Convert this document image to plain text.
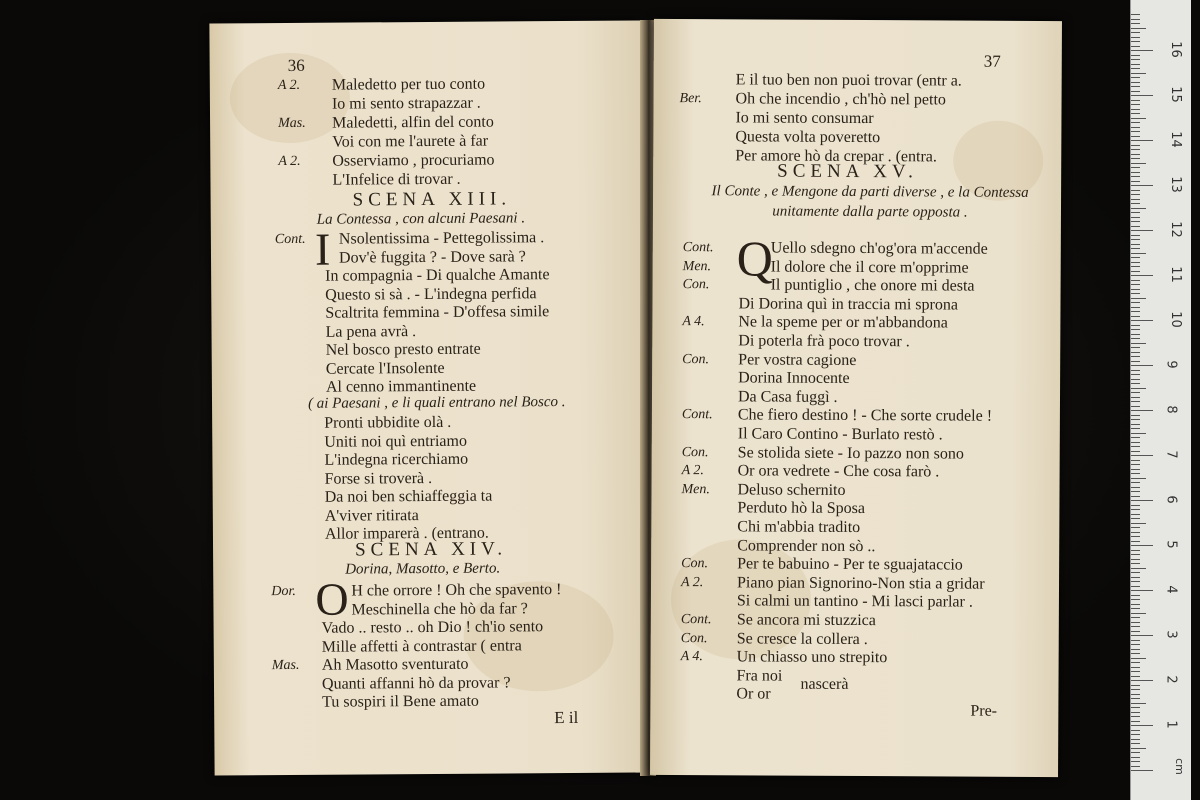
36
A 2. Maledetto per tuo conto
Io mi sento strapazzar .
Mas. Maledetti, alfin del conto
Voi con me l'aurete à far
A 2. Osserviamo , procuriamo
L'Infelice di trovar .
SCENA XIII.
La Contessa , con alcuni Paesani .
I
Cont. Nsolentissima - Pettegolissima .
Dov'è fuggita ? - Dove sarà ?
In compagnia - Di qualche Amante
Questo si sà . - L'indegna perfida
Scaltrita femmina - D'offesa simile
La pena avrà .
Nel bosco presto entrate
Cercate l'Insolente
Al cenno immantinente
( ai Paesani , e li quali entrano nel Bosco .
Pronti ubbidite olà .
Uniti noi quì entriamo
L'indegna ricerchiamo
Forse si troverà .
Da noi ben schiaffeggia ta
A'viver ritirata
Allor imparerà . (entrano.
SCENA XIV.
Dorina, Masotto, e Berto.
O
Dor.	H che orrore ! Oh che spavento !
Meschinella che hò da far ?
Vado .. resto .. oh Dio ! ch'io sento
Mille affetti à contrastar ( entra
Mas. Ah Masotto sventurato
Quanti affanni hò da provar ?
Tu sospiri il Bene amato
E il
37
E il tuo ben non puoi trovar (entr a.
Ber. Oh che incendio , ch'hò nel petto
Io mi sento consumar
Questa volta poveretto
Per amore hò da crepar . (entra.
SCENA XV.
Il Conte , e Mengone da parti diverse , e la Contessa unitamente dalla parte opposta .
Q
Cont.	Uello sdegno ch'og'ora m'accende
Men.	Il dolore che il core m'opprime
Con.	Il puntiglio , che onore mi desta
Di Dorina quì in traccia mi sprona
A 4. Ne la speme per or m'abbandona
Di poterla frà poco trovar .
Con. Per vostra cagione
Dorina Innocente
Da Casa fuggì .
Cont. Che fiero destino ! - Che sorte crudele !
Il Caro Contino - Burlato restò .
Con. Se stolida siete - Io pazzo non sono
A 2. Or ora vedrete - Che cosa farò .
Men. Deluso schernito
Perduto hò la Sposa
Chi m'abbia tradito
Comprender non sò ..
Con. Per te babuino - Per te sguajataccio
A 2. Piano pian Signorino-Non stia a gridar
Si calmi un tantino - Mi lasci parlar .
Cont. Se ancora mi stuzzica
Con. Se cresce la collera .
A 4. Un chiasso uno strepito
Fra noi
Or or
nascerà
Pre-
1
2
3
4
5
6
7
8
9
10
11
12
13
14
15
16
cm
